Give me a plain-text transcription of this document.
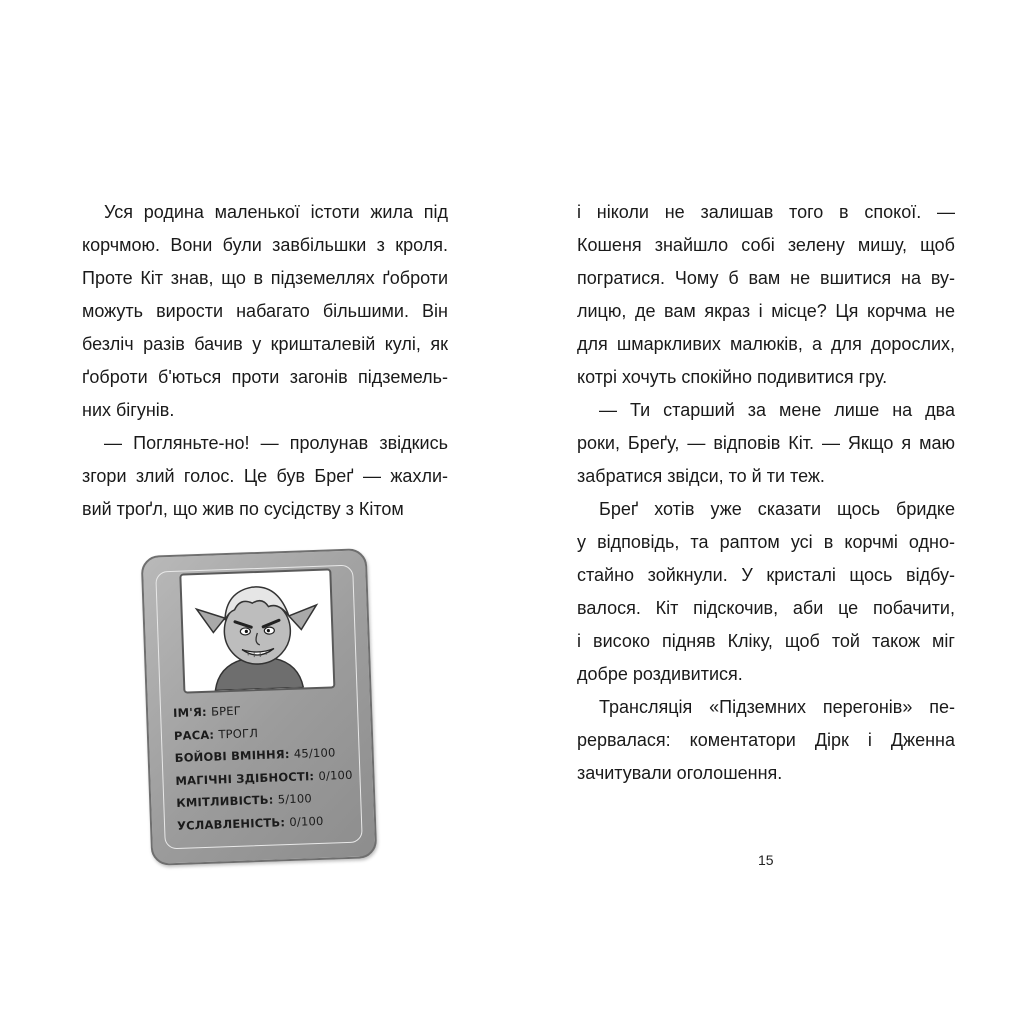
Уся родина маленької істоти жила під

корчмою. Вони були завбільшки з кроля.

Проте Кіт знав, що в підземеллях ґоброти

можуть вирости набагато більшими. Він

безліч разів бачив у кришталевій кулі, як

ґоброти б'ються проти загонів підземель-

них бігунів.

— Погляньте-но! — пролунав звідкись

згори злий голос. Це був Бреґ — жахли-

вий троґл, що жив по сусідству з Кітом

і ніколи не залишав того в спокої. —

Кошеня знайшло собі зелену мишу, щоб

погратися. Чому б вам не вшитися на ву-

лицю, де вам якраз і місце? Ця корчма не

для шмаркливих малюків, а для дорослих,

котрі хочуть спокійно подивитися гру.

— Ти старший за мене лише на два

роки, Бреґу, — відповів Кіт. — Якщо я маю

забратися звідси, то й ти теж.

Бреґ хотів уже сказати щось бридке

у відповідь, та раптом усі в корчмі одно-

стайно зойкнули. У кристалі щось відбу-

валося. Кіт підскочив, аби це побачити,

і високо підняв Кліку, щоб той також міг

добре роздивитися.

Трансляція «Підземних перегонів» пе-

рервалася: коментатори Дірк і Дженна

зачитували оголошення.

ІМ'Я: БРЕГ
РАСА: ТРОГЛ
БОЙОВІ ВМІННЯ: 45/100
МАГІЧНІ ЗДІБНОСТІ: 0/100
КМІТЛИВІСТЬ: 5/100
УСЛАВЛЕНІСТЬ: 0/100
15
